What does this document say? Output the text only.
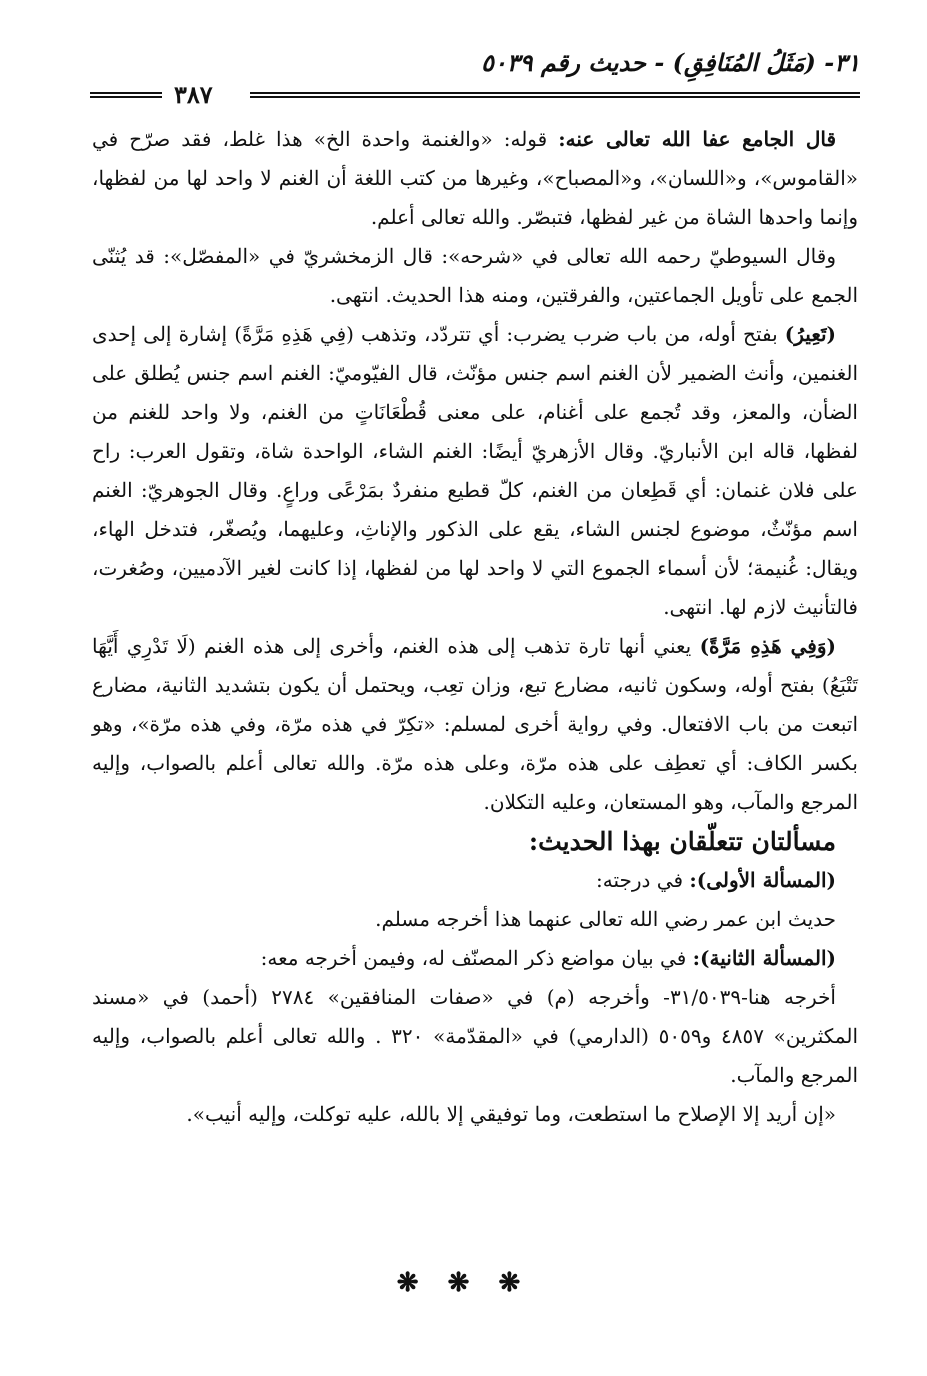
٣١- (مَثَلُ المُنَافِقِ) - حديث رقم ٥٠٣٩
٣٨٧

قال الجامع عفا الله تعالى عنه: قوله: «والغنمة واحدة الخ» هذا غلط، فقد صرّح في «القاموس»، و«اللسان»، و«المصباح»، وغيرها من كتب اللغة أن الغنم لا واحد لها من لفظها، وإنما واحدها الشاة من غير لفظها، فتبصّر. والله تعالى أعلم.

وقال السيوطيّ رحمه الله تعالى في «شرحه»: قال الزمخشريّ في «المفصّل»: قد يُثنّى الجمع على تأويل الجماعتين، والفرقتين، ومنه هذا الحديث. انتهى.

(تَعِيرُ) بفتح أوله، من باب ضرب يضرب: أي تتردّد، وتذهب (فِي هَذِهِ مَرَّةً) إشارة إلى إحدى الغنمين، وأنث الضمير لأن الغنم اسم جنس مؤنّث، قال الفيّوميّ: الغنم اسم جنس يُطلق على الضأن، والمعز، وقد تُجمع على أغنام، على معنى قُطْعَانَاتٍ من الغنم، ولا واحد للغنم من لفظها، قاله ابن الأنباريّ. وقال الأزهريّ أيضًا: الغنم الشاء، الواحدة شاة، وتقول العرب: راح على فلان غنمان: أي قَطِعان من الغنم، كلّ قطيع منفردٌ بمَرْعًى وراعٍ. وقال الجوهريّ: الغنم اسم مؤنّثٌ، موضوع لجنس الشاء، يقع على الذكور والإناثِ، وعليهما، ويُصغّر، فتدخل الهاء، ويقال: غُنيمة؛ لأن أسماء الجموع التي لا واحد لها من لفظها، إذا كانت لغير الآدميين، وصُغرت، فالتأنيث لازم لها. انتهى.

(وَفِي هَذِهِ مَرَّةً) يعني أنها تارة تذهب إلى هذه الغنم، وأخرى إلى هذه الغنم (لَا تَدْرِي أَيَّهَا تَتْبَعُ) بفتح أوله، وسكون ثانيه، مضارع تبع، وزان تعِب، ويحتمل أن يكون بتشديد الثانية، مضارع اتبعت من باب الافتعال. وفي رواية أخرى لمسلم: «تكِرّ في هذه مرّة، وفي هذه مرّة»، وهو بكسر الكاف: أي تعطِف على هذه مرّة، وعلى هذه مرّة. والله تعالى أعلم بالصواب، وإليه المرجع والمآب، وهو المستعان، وعليه التكلان.

مسألتان تتعلّقان بهذا الحديث:

(المسألة الأولى): في درجته:

حديث ابن عمر رضي الله تعالى عنهما هذا أخرجه مسلم.

(المسألة الثانية): في بيان مواضع ذكر المصنّف له، وفيمن أخرجه معه:

أخرجه هنا-٣١/٥٠٣٩- وأخرجه (م) في «صفات المنافقين» ٢٧٨٤ (أحمد) في «مسند المكثرين» ٤٨٥٧ و٥٠٥٩ (الدارمي) في «المقدّمة» ٣٢٠ . والله تعالى أعلم بالصواب، وإليه المرجع والمآب.

«إن أريد إلا الإصلاح ما استطعت، وما توفيقي إلا بالله، عليه توكلت، وإليه أنيب».

❋ ❋ ❋
